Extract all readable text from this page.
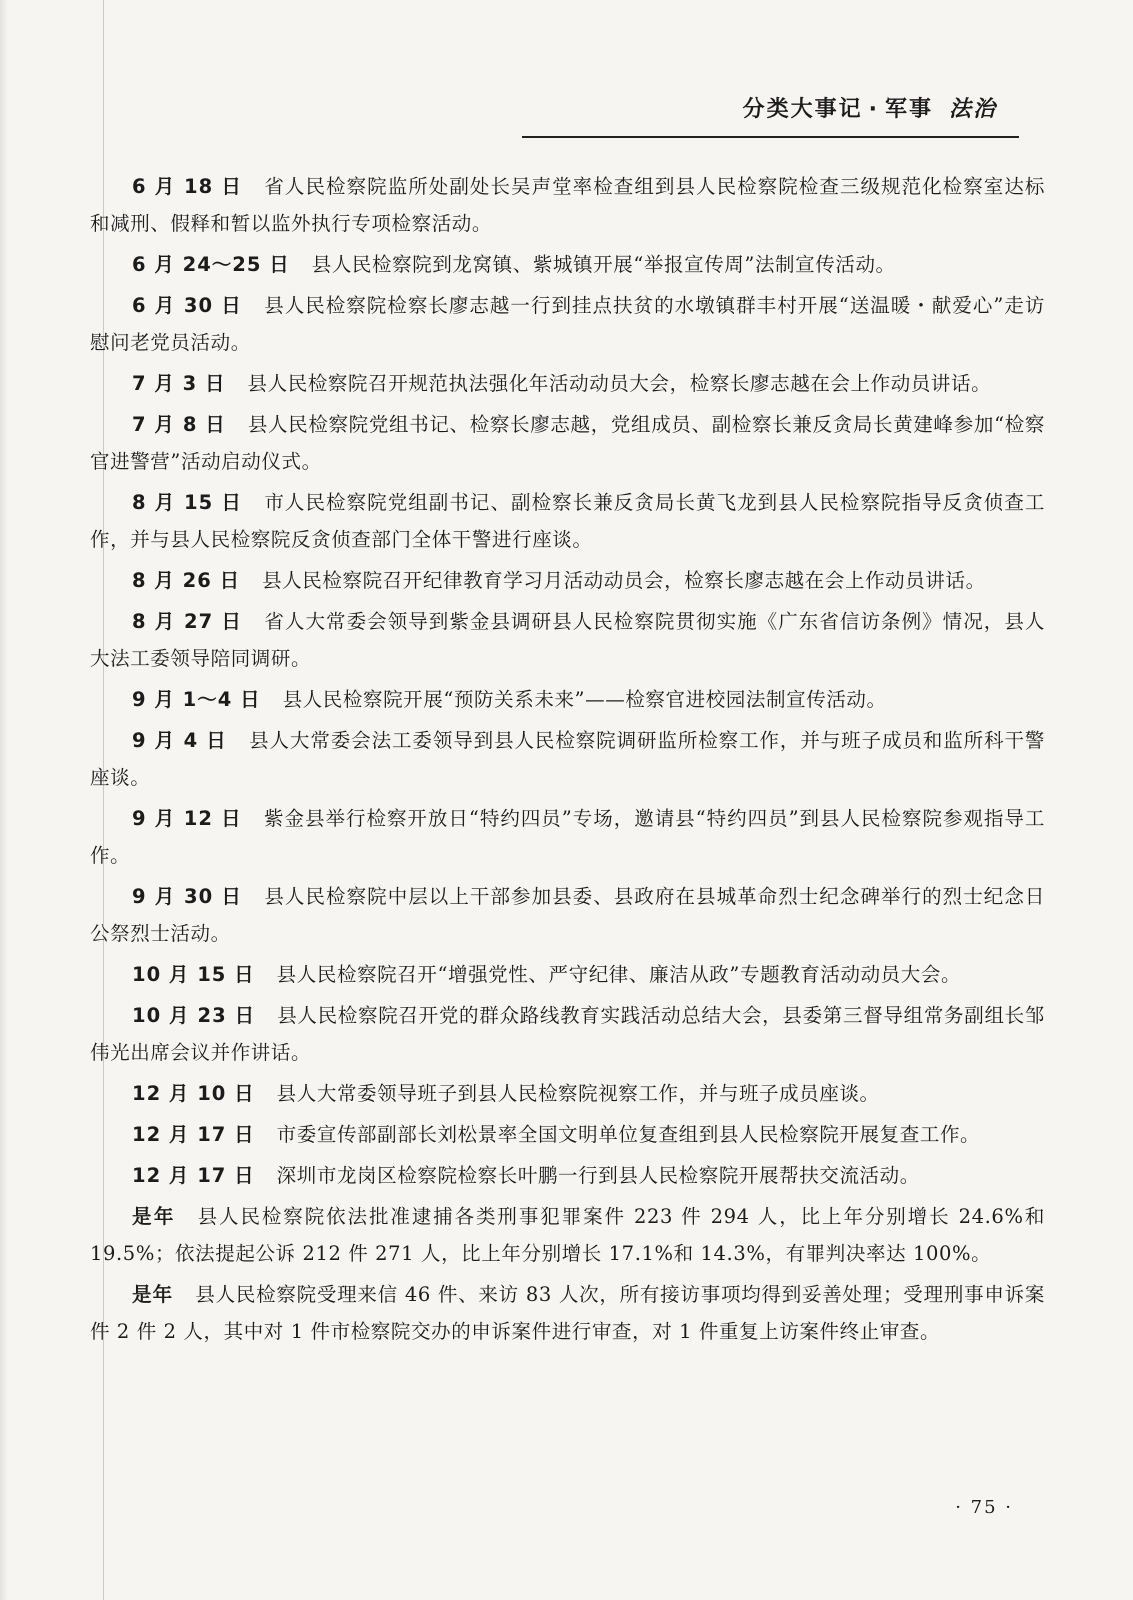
分类大事记 · 军事 法治

6 月 18 日 省人民检察院监所处副处长吴声堂率检查组到县人民检察院检查三级规范化检察室达标和减刑、假释和暂以监外执行专项检察活动。

6 月 24～25 日 县人民检察院到龙窝镇、紫城镇开展“举报宣传周”法制宣传活动。

6 月 30 日 县人民检察院检察长廖志越一行到挂点扶贫的水墩镇群丰村开展“送温暖・献爱心”走访慰问老党员活动。

7 月 3 日 县人民检察院召开规范执法强化年活动动员大会，检察长廖志越在会上作动员讲话。

7 月 8 日 县人民检察院党组书记、检察长廖志越，党组成员、副检察长兼反贪局长黄建峰参加“检察官进警营”活动启动仪式。

8 月 15 日 市人民检察院党组副书记、副检察长兼反贪局长黄飞龙到县人民检察院指导反贪侦查工作，并与县人民检察院反贪侦查部门全体干警进行座谈。

8 月 26 日 县人民检察院召开纪律教育学习月活动动员会，检察长廖志越在会上作动员讲话。

8 月 27 日 省人大常委会领导到紫金县调研县人民检察院贯彻实施《广东省信访条例》情况，县人大法工委领导陪同调研。

9 月 1～4 日 县人民检察院开展“预防关系未来”——检察官进校园法制宣传活动。

9 月 4 日 县人大常委会法工委领导到县人民检察院调研监所检察工作，并与班子成员和监所科干警座谈。

9 月 12 日 紫金县举行检察开放日“特约四员”专场，邀请县“特约四员”到县人民检察院参观指导工作。

9 月 30 日 县人民检察院中层以上干部参加县委、县政府在县城革命烈士纪念碑举行的烈士纪念日公祭烈士活动。

10 月 15 日 县人民检察院召开“增强党性、严守纪律、廉洁从政”专题教育活动动员大会。

10 月 23 日 县人民检察院召开党的群众路线教育实践活动总结大会，县委第三督导组常务副组长邹伟光出席会议并作讲话。

12 月 10 日 县人大常委领导班子到县人民检察院视察工作，并与班子成员座谈。

12 月 17 日 市委宣传部副部长刘松景率全国文明单位复查组到县人民检察院开展复查工作。

12 月 17 日 深圳市龙岗区检察院检察长叶鹏一行到县人民检察院开展帮扶交流活动。

是年 县人民检察院依法批准逮捕各类刑事犯罪案件 223 件 294 人，比上年分别增长 24.6%和 19.5%；依法提起公诉 212 件 271 人，比上年分别增长 17.1%和 14.3%，有罪判决率达 100%。

是年 县人民检察院受理来信 46 件、来访 83 人次，所有接访事项均得到妥善处理；受理刑事申诉案件 2 件 2 人，其中对 1 件市检察院交办的申诉案件进行审查，对 1 件重复上访案件终止审查。

· 75 ·
